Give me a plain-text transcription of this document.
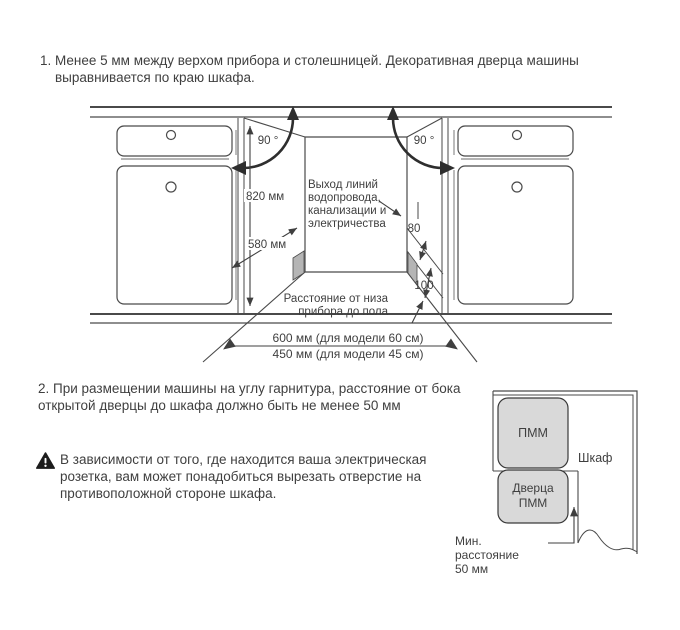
1. Менее 5 мм между верхом прибора и столешницей. Декоративная дверца машины выравнивается по краю шкафа.
90 °	90 °
820 мм
580 мм
Выход линий
водопровода,
канализации и
электричества 80
100
Расстояние от низа
прибора до пола
600 мм (для модели 60 см)
450 мм (для модели 45 см)
2. При размещении машины на углу гарнитура, расстояние от бока открытой дверцы до шкафа должно быть не менее 50 мм
В зависимости от того, где находится ваша электрическая розетка, вам может понадобиться вырезать отверстие на противоположной стороне шкафа.
ПММ
Дверца
ПММ
Шкаф
Мин.
расстояние
50 мм
